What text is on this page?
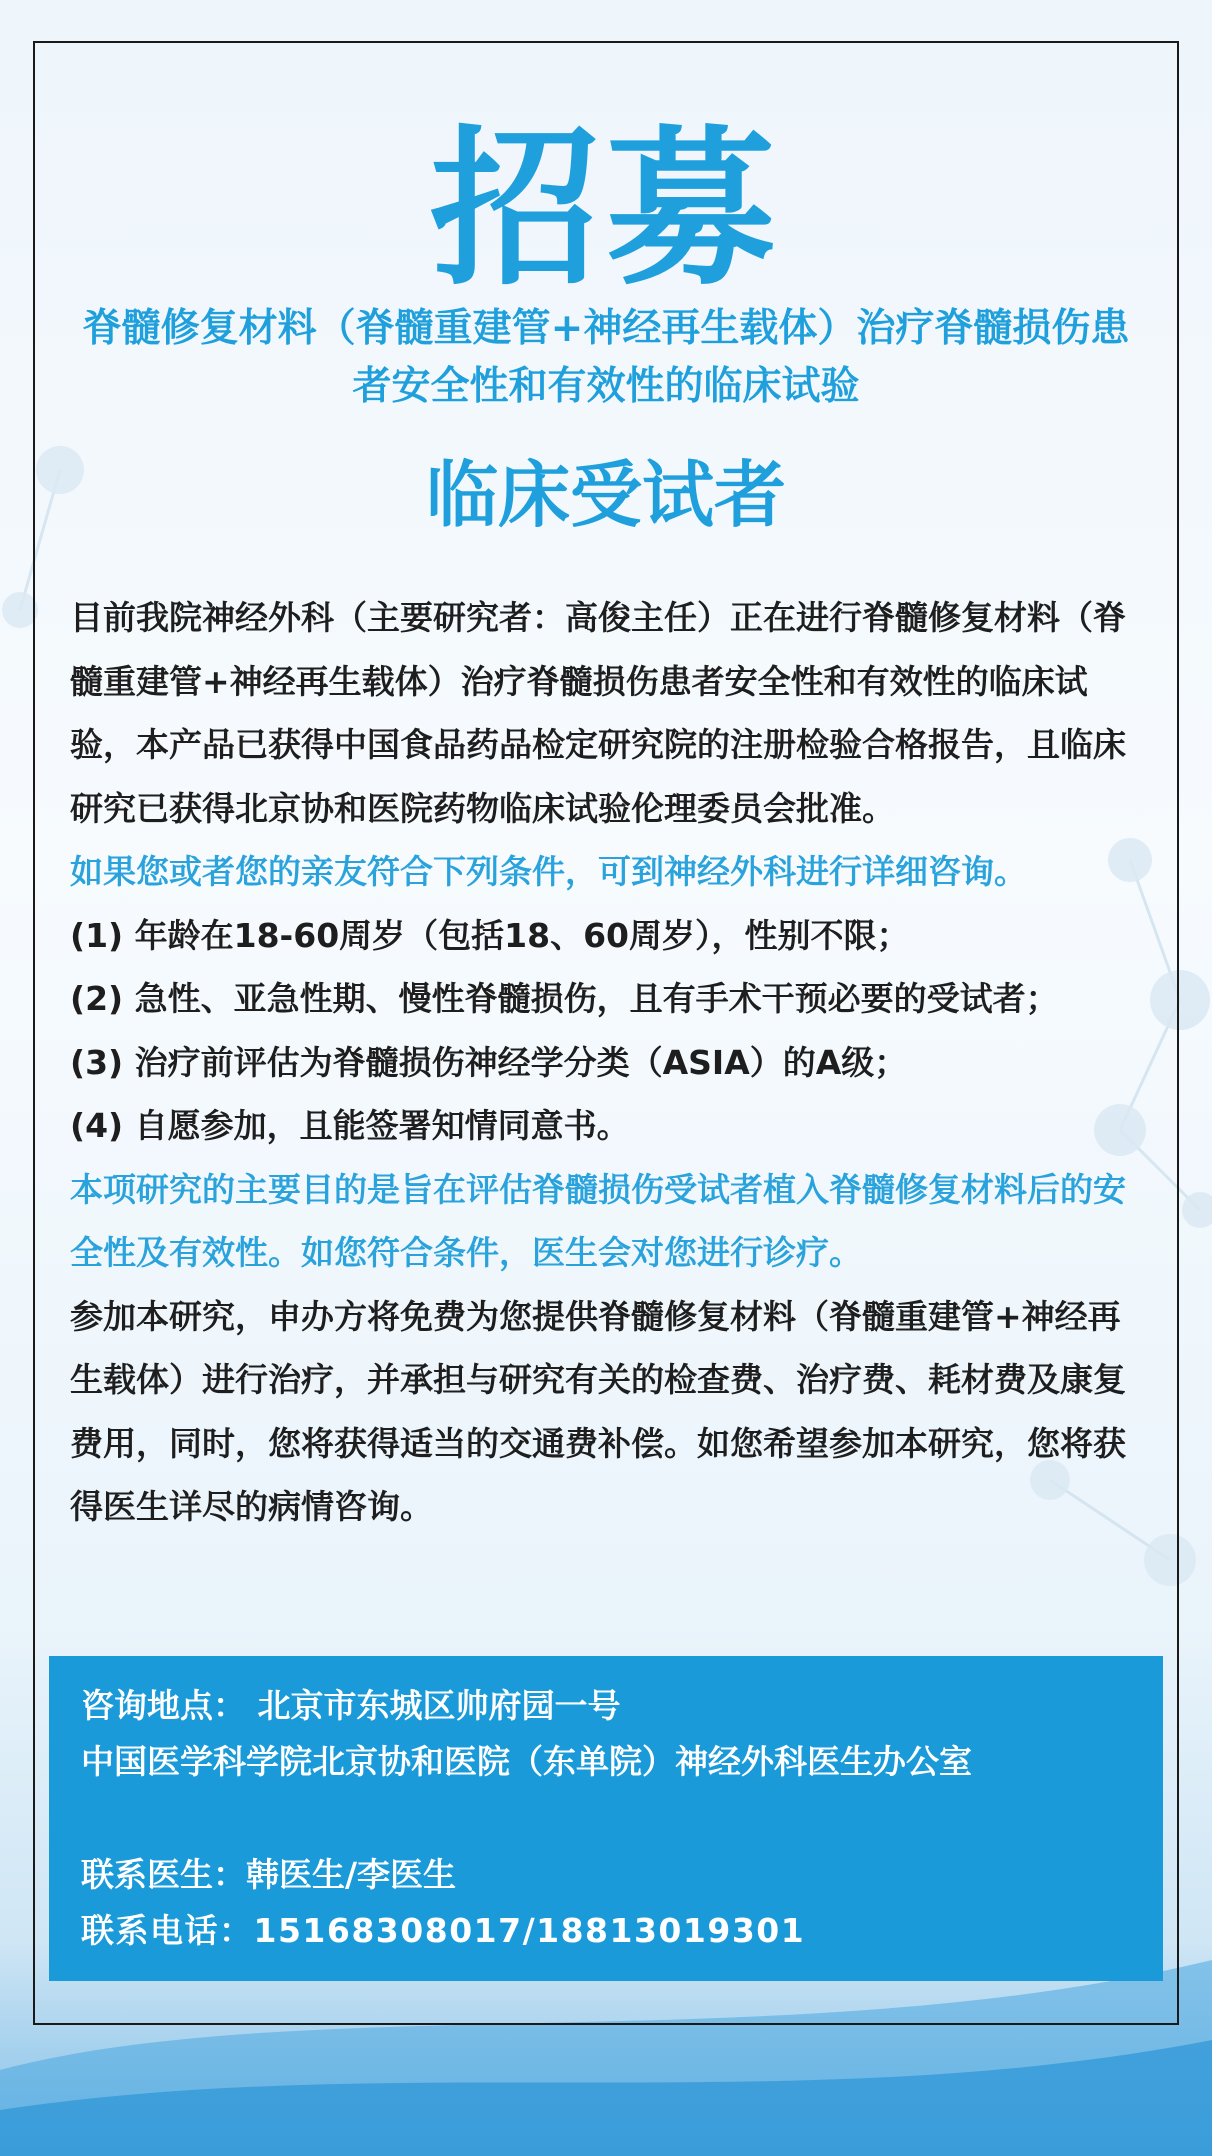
招募
脊髓修复材料（脊髓重建管+神经再生载体）治疗脊髓损伤患者安全性和有效性的临床试验
临床受试者

目前我院神经外科（主要研究者：高俊主任）正在进行脊髓修复材料（脊髓重建管+神经再生载体）治疗脊髓损伤患者安全性和有效性的临床试验，本产品已获得中国食品药品检定研究院的注册检验合格报告，且临床研究已获得北京协和医院药物临床试验伦理委员会批准。

如果您或者您的亲友符合下列条件，可到神经外科进行详细咨询。

(1) 年龄在18-60周岁（包括18、60周岁），性别不限；

(2) 急性、亚急性期、慢性脊髓损伤，且有手术干预必要的受试者；

(3) 治疗前评估为脊髓损伤神经学分类（ASIA）的A级；

(4) 自愿参加，且能签署知情同意书。

本项研究的主要目的是旨在评估脊髓损伤受试者植入脊髓修复材料后的安全性及有效性。如您符合条件，医生会对您进行诊疗。

参加本研究，申办方将免费为您提供脊髓修复材料（脊髓重建管+神经再生载体）进行治疗，并承担与研究有关的检查费、治疗费、耗材费及康复费用，同时，您将获得适当的交通费补偿。如您希望参加本研究，您将获得医生详尽的病情咨询。

咨询地点： 北京市东城区帅府园一号

中国医学科学院北京协和医院（东单院）神经外科医生办公室

联系医生：韩医生/李医生

联系电话：15168308017/18813019301
